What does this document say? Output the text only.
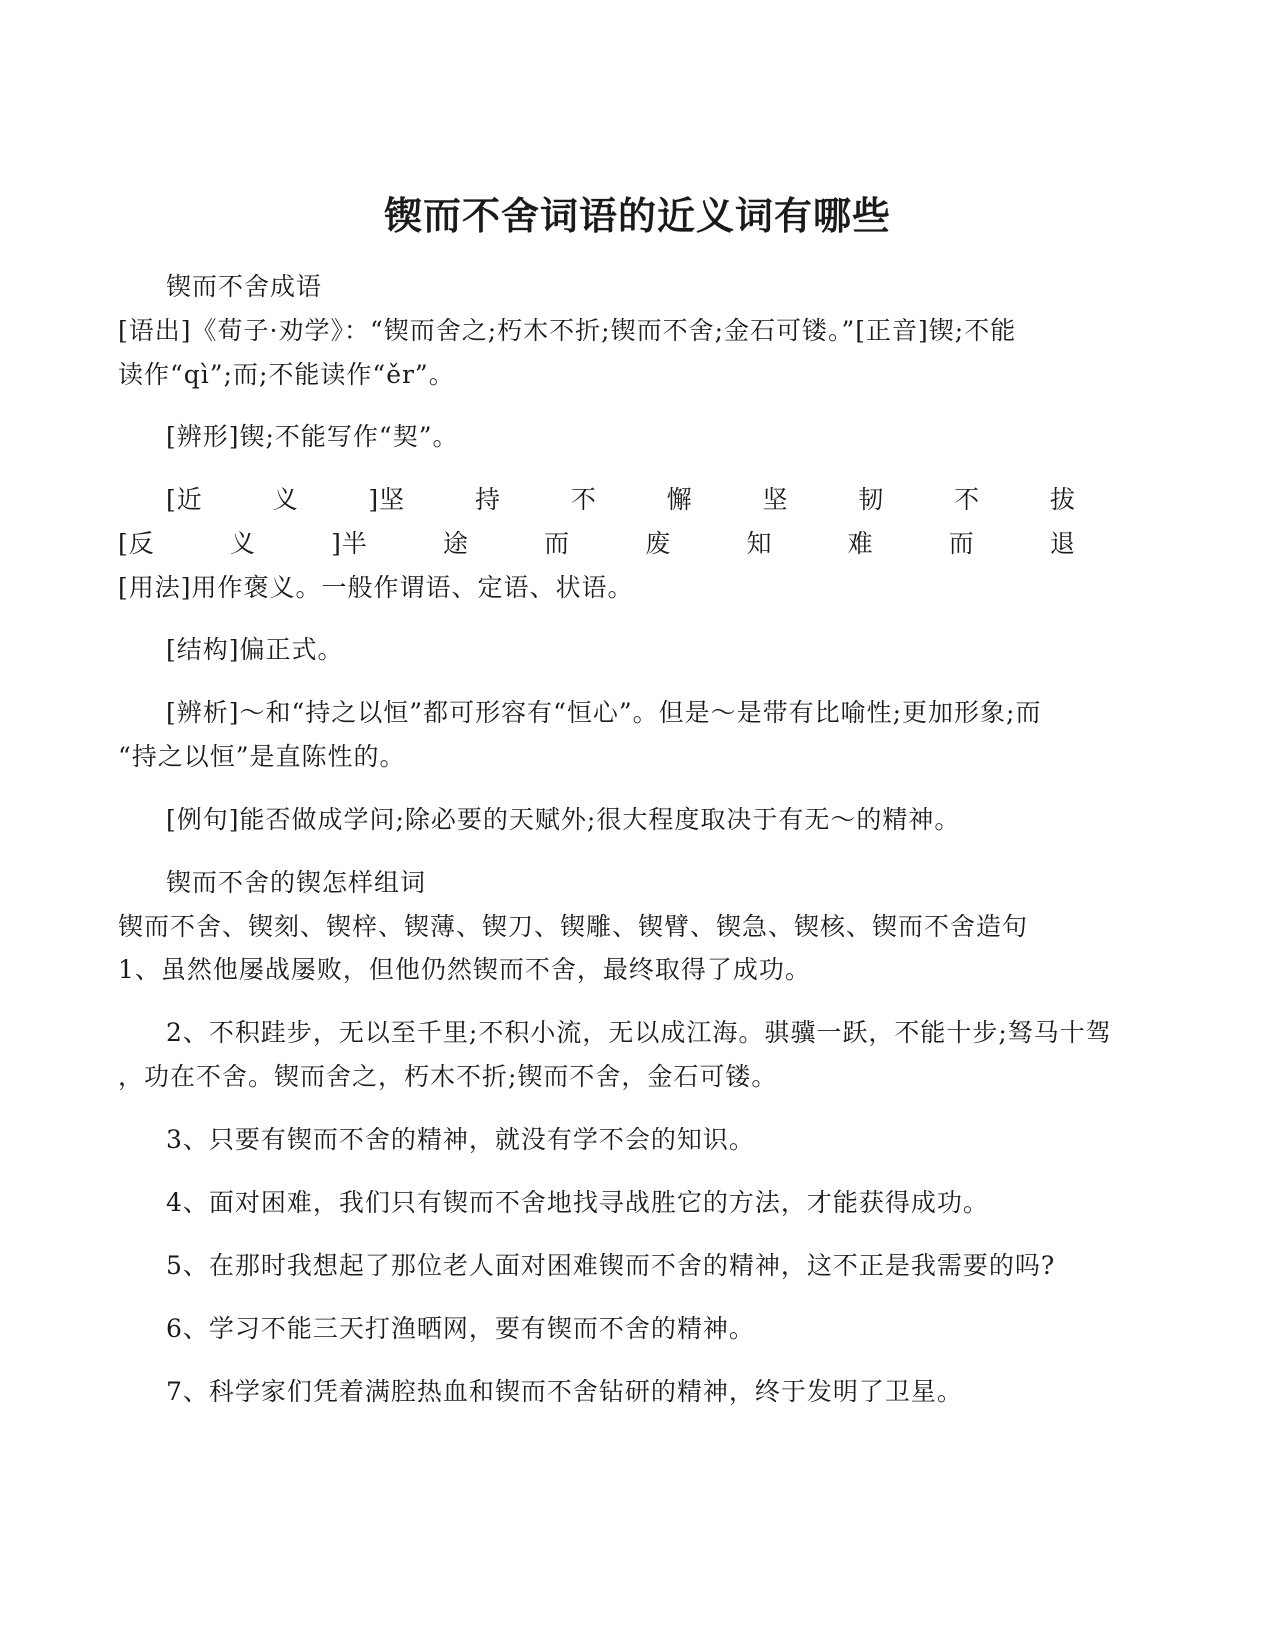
锲而不舍词语的近义词有哪些
锲而不舍成语
[语出]《荀子·劝学》：“锲而舍之;朽木不折;锲而不舍;金石可镂。”[正音]锲;不能
读作“qì”;而;不能读作“ěr”。
[辨形]锲;不能写作“契”。
[近	义	]坚	持	不	懈	坚	韧	不	拔
[反	义	]半	途	而	废	知	难	而	退
[用法]用作褒义。一般作谓语、定语、状语。
[结构]偏正式。
[辨析]～和“持之以恒”都可形容有“恒心”。但是～是带有比喻性;更加形象;而
“持之以恒”是直陈性的。
[例句]能否做成学问;除必要的天赋外;很大程度取决于有无～的精神。
锲而不舍的锲怎样组词
锲而不舍、锲刻、锲梓、锲薄、锲刀、锲雕、锲臂、锲急、锲核、锲而不舍造句
1、虽然他屡战屡败，但他仍然锲而不舍，最终取得了成功。
2、不积跬步，无以至千里;不积小流，无以成江海。骐骥一跃，不能十步;驽马十驾
，功在不舍。锲而舍之，朽木不折;锲而不舍，金石可镂。
3、只要有锲而不舍的精神，就没有学不会的知识。
4、面对困难，我们只有锲而不舍地找寻战胜它的方法，才能获得成功。
5、在那时我想起了那位老人面对困难锲而不舍的精神，这不正是我需要的吗?
6、学习不能三天打渔晒网，要有锲而不舍的精神。
7、科学家们凭着满腔热血和锲而不舍钻研的精神，终于发明了卫星。
